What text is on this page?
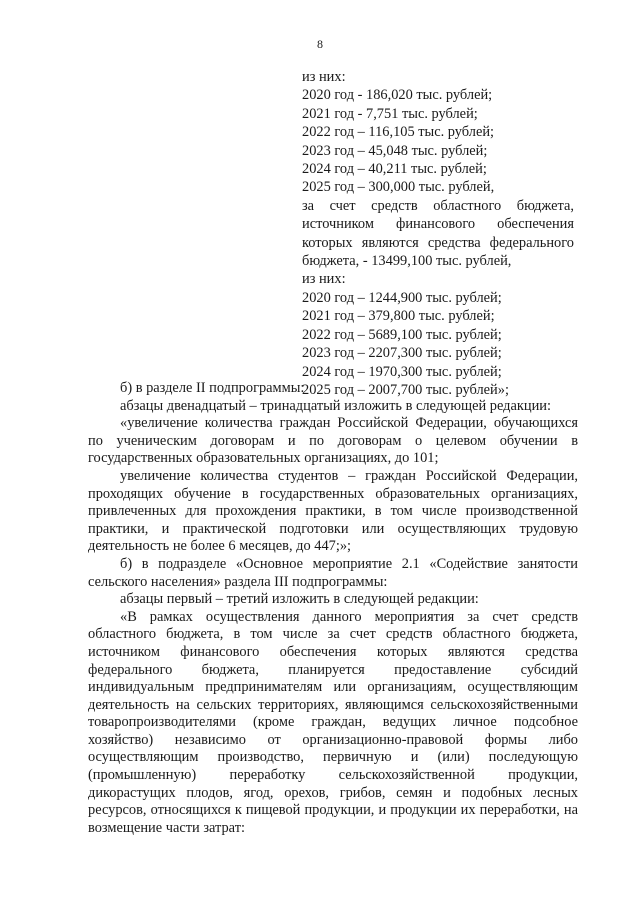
8
из них:
2020 год - 186,020 тыс. рублей;
2021 год - 7,751 тыс. рублей;
2022 год – 116,105 тыс. рублей;
2023 год – 45,048 тыс. рублей;
2024 год – 40,211 тыс. рублей;
2025 год – 300,000 тыс. рублей,
за счет средств областного бюджета,
источником финансового обеспечения
которых являются средства федерального
бюджета, - 13499,100 тыс. рублей,
из них:
2020 год – 1244,900 тыс. рублей;
2021 год – 379,800 тыс. рублей;
2022 год – 5689,100 тыс. рублей;
2023 год – 2207,300 тыс. рублей;
2024 год – 1970,300 тыс. рублей;
2025 год – 2007,700 тыс. рублей»;

б) в разделе II подпрограммы:

абзацы двенадцатый – тринадцатый изложить в следующей редакции:

«увеличение количества граждан Российской Федерации, обучающихся по ученическим договорам и по договорам о целевом обучении в государственных образовательных организациях, до 101;

увеличение количества студентов – граждан Российской Федерации, проходящих обучение в государственных образовательных организациях, привлеченных для прохождения практики, в том числе производственной практики, и практической подготовки или осуществляющих трудовую деятельность не более 6 месяцев, до 447;»;

б) в подразделе «Основное мероприятие 2.1 «Содействие занятости сельского населения» раздела III подпрограммы:

абзацы первый – третий изложить в следующей редакции:

«В рамках осуществления данного мероприятия за счет средств областного бюджета, в том числе за счет средств областного бюджета, источником финансового обеспечения которых являются средства федерального бюджета, планируется предоставление субсидий индивидуальным предпринимателям или организациям, осуществляющим деятельность на сельских территориях, являющимся сельскохозяйственными товаропроизводителями (кроме граждан, ведущих личное подсобное хозяйство) независимо от организационно-правовой формы либо осуществляющим производство, первичную и (или) последующую (промышленную) переработку сельскохозяйственной продукции, дикорастущих плодов, ягод, орехов, грибов, семян и подобных лесных ресурсов, относящихся к пищевой продукции, и продукции их переработки, на возмещение части затрат:
